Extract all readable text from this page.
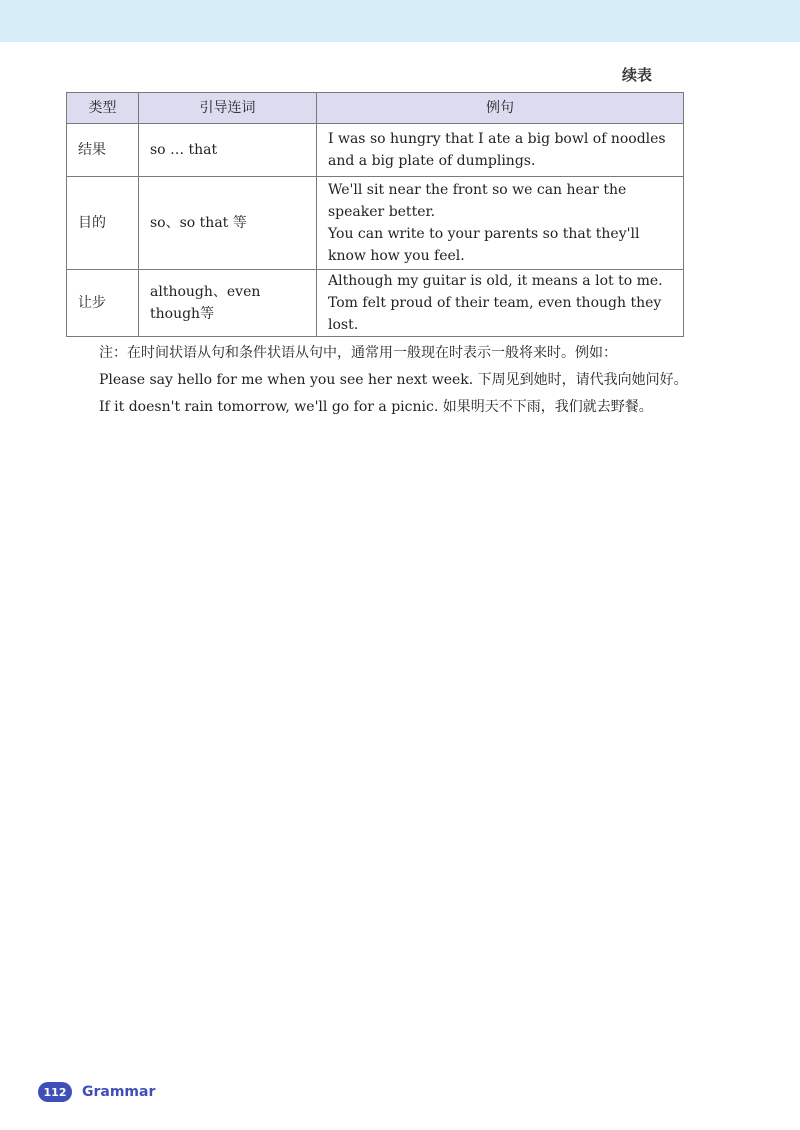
续表
类型	引导连词	例句
结果	so … that	I was so hungry that I ate a big bowl of noodles and a big plate of dumplings.

目的	so、so that 等	We'll sit near the front so we can hear the speaker better.
You can write to your parents so that they'll know how you feel.

让步	although、even though等	Although my guitar is old, it means a lot to me.
Tom felt proud of their team, even though they lost.

注：在时间状语从句和条件状语从句中，通常用一般现在时表示一般将来时。例如：

Please say hello for me when you see her next week. 下周见到她时，请代我向她问好。

If it doesn't rain tomorrow, we'll go for a picnic. 如果明天不下雨，我们就去野餐。

112	Grammar
